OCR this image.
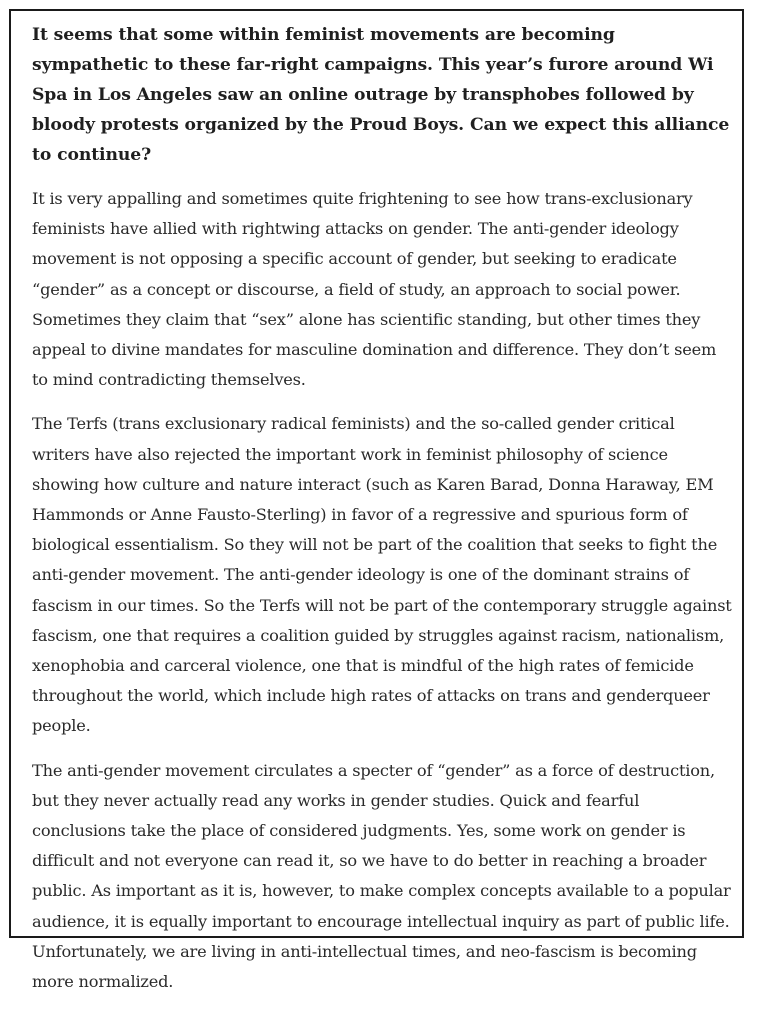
It seems that some within feminist movements are becoming sympathetic to these far-right campaigns. This year’s furore around Wi Spa in Los Angeles saw an online outrage by transphobes followed by bloody protests organized by the Proud Boys. Can we expect this alliance to continue?

It is very appalling and sometimes quite frightening to see how trans-exclusionary feminists have allied with rightwing attacks on gender. The anti-gender ideology movement is not opposing a specific account of gender, but seeking to eradicate “gender” as a concept or discourse, a field of study, an approach to social power. Sometimes they claim that “sex” alone has scientific standing, but other times they appeal to divine mandates for masculine domination and difference. They don’t seem to mind contradicting themselves.

The Terfs (trans exclusionary radical feminists) and the so-called gender critical writers have also rejected the important work in feminist philosophy of science showing how culture and nature interact (such as Karen Barad, Donna Haraway, EM Hammonds or Anne Fausto-Sterling) in favor of a regressive and spurious form of biological essentialism. So they will not be part of the coalition that seeks to fight the anti-gender movement. The anti-gender ideology is one of the dominant strains of fascism in our times. So the Terfs will not be part of the contemporary struggle against fascism, one that requires a coalition guided by struggles against racism, nationalism, xenophobia and carceral violence, one that is mindful of the high rates of femicide throughout the world, which include high rates of attacks on trans and genderqueer people.

The anti-gender movement circulates a specter of “gender” as a force of destruction, but they never actually read any works in gender studies. Quick and fearful conclusions take the place of considered judgments. Yes, some work on gender is difficult and not everyone can read it, so we have to do better in reaching a broader public. As important as it is, however, to make complex concepts available to a popular audience, it is equally important to encourage intellectual inquiry as part of public life. Unfortunately, we are living in anti-intellectual times, and neo-fascism is becoming more normalized.
